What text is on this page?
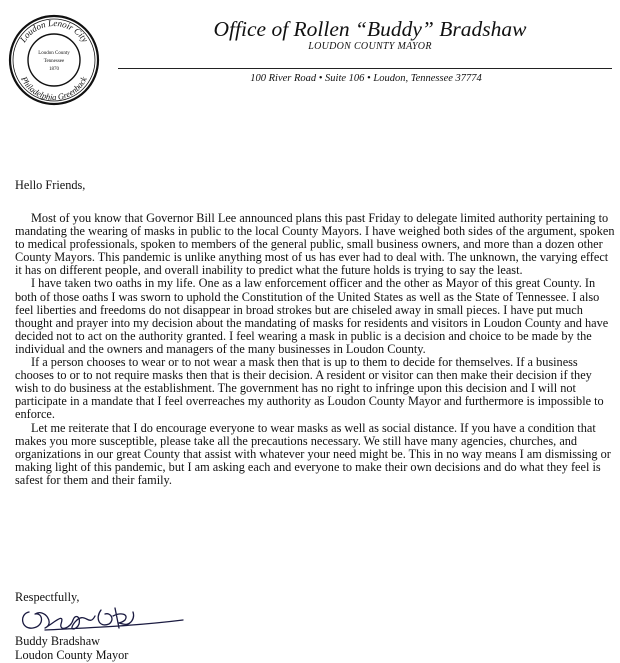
Loudon Lenoir City
Philadelphia Greenback
Loudon County
Tennessee
1870
Office of Rollen “Buddy” Bradshaw
LOUDON COUNTY MAYOR
100 River Road • Suite 106 • Loudon, Tennessee 37774
Hello Friends,

Most of you know that Governor Bill Lee announced plans this past Friday to delegate limited authority pertaining to mandating the wearing of masks in public to the local County Mayors. I have weighed both sides of the argument, spoken to medical professionals, spoken to members of the general public, small business owners, and more than a dozen other County Mayors. This pandemic is unlike anything most of us has ever had to deal with. The unknown, the varying effect it has on different people, and overall inability to predict what the future holds is trying to say the least.

I have taken two oaths in my life. One as a law enforcement officer and the other as Mayor of this great County. In both of those oaths I was sworn to uphold the Constitution of the United States as well as the State of Tennessee. I also feel liberties and freedoms do not disappear in broad strokes but are chiseled away in small pieces. I have put much thought and prayer into my decision about the mandating of masks for residents and visitors in Loudon County and have decided not to act on the authority granted. I feel wearing a mask in public is a decision and choice to be made by the individual and the owners and managers of the many businesses in Loudon County.

If a person chooses to wear or to not wear a mask then that is up to them to decide for themselves. If a business chooses to or to not require masks then that is their decision. A resident or visitor can then make their decision if they wish to do business at the establishment. The government has no right to infringe upon this decision and I will not participate in a mandate that I feel overreaches my authority as Loudon County Mayor and furthermore is impossible to enforce.

Let me reiterate that I do encourage everyone to wear masks as well as social distance. If you have a condition that makes you more susceptible, please take all the precautions necessary. We still have many agencies, churches, and organizations in our great County that assist with whatever your need might be. This in no way means I am dismissing or making light of this pandemic, but I am asking each and everyone to make their own decisions and do what they feel is safest for them and their family.

Respectfully,
Buddy Bradshaw
Loudon County Mayor
